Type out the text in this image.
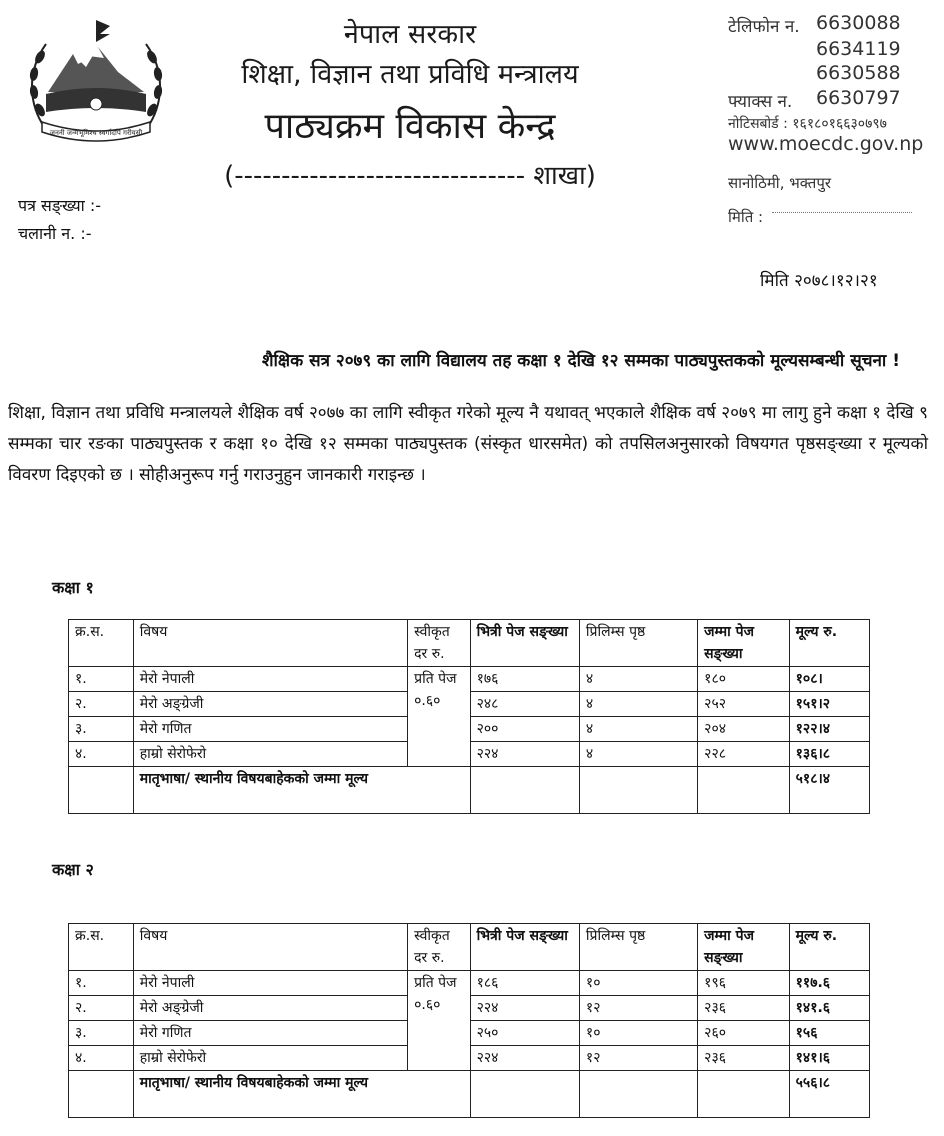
जननी जन्मभूमिश्च स्वर्गादपि गरीयसी
नेपाल सरकार
शिक्षा, विज्ञान तथा प्रविधि मन्त्रालय
पाठ्यक्रम विकास केन्द्र
(------------------------------- शाखा)
टेलिफोन न. 6630088
6634119
6630588
फ्याक्स न. 6630797
नोटिसबोर्ड : १६१८०१६६३०७९७
www.moecdc.gov.np
सानोठिमी, भक्तपुर
मिति :
पत्र सङ्ख्या :-
चलानी न. :-
मिति २०७८।१२।२१
शैक्षिक सत्र २०७९ का लागि विद्यालय तह कक्षा १ देखि १२ सम्मका पाठ्यपुस्तकको मूल्यसम्बन्धी सूचना !
शिक्षा, विज्ञान तथा प्रविधि मन्त्रालयले शैक्षिक वर्ष २०७७ का लागि स्वीकृत गरेको मूल्य नै यथावत् भएकाले शैक्षिक वर्ष २०७९ मा लागु हुने कक्षा १ देखि ९ सम्मका चार रङका पाठ्यपुस्तक र कक्षा १० देखि १२ सम्मका पाठ्यपुस्तक (संस्कृत धारसमेत) को तपसिलअनुसारको विषयगत पृष्ठसङ्ख्या र मूल्यको विवरण दिइएको छ । सोहीअनुरूप गर्नु गराउनुहुन जानकारी गराइन्छ ।
कक्षा १
क्र.स.	विषय	स्वीकृत दर रु.	भित्री पेज सङ्ख्या	प्रिलिम्स पृष्ठ	जम्मा पेज सङ्ख्या	मूल्य रु.
१.	मेरो नेपाली	प्रति पेज ०.६०	१७६	४	१८०	१०८।
२.	मेरो अङ्ग्रेजी		२४८	४	२५२	१५१।२
३.	मेरो गणित		२००	४	२०४	१२२।४
४.	हाम्रो सेरोफेरो		२२४	४	२२८	१३६।८
	मातृभाषा/ स्थानीय विषयबाहेकको जम्मा मूल्य					५१८।४
कक्षा २
क्र.स.	विषय	स्वीकृत दर रु.	भित्री पेज सङ्ख्या	प्रिलिम्स पृष्ठ	जम्मा पेज सङ्ख्या	मूल्य रु.
१.	मेरो नेपाली	प्रति पेज ०.६०	१८६	१०	१९६	११७.६
२.	मेरो अङ्ग्रेजी		२२४	१२	२३६	१४१.६
३.	मेरो गणित		२५०	१०	२६०	१५६
४.	हाम्रो सेरोफेरो		२२४	१२	२३६	१४१।६
	मातृभाषा/ स्थानीय विषयबाहेकको जम्मा मूल्य					५५६।८
